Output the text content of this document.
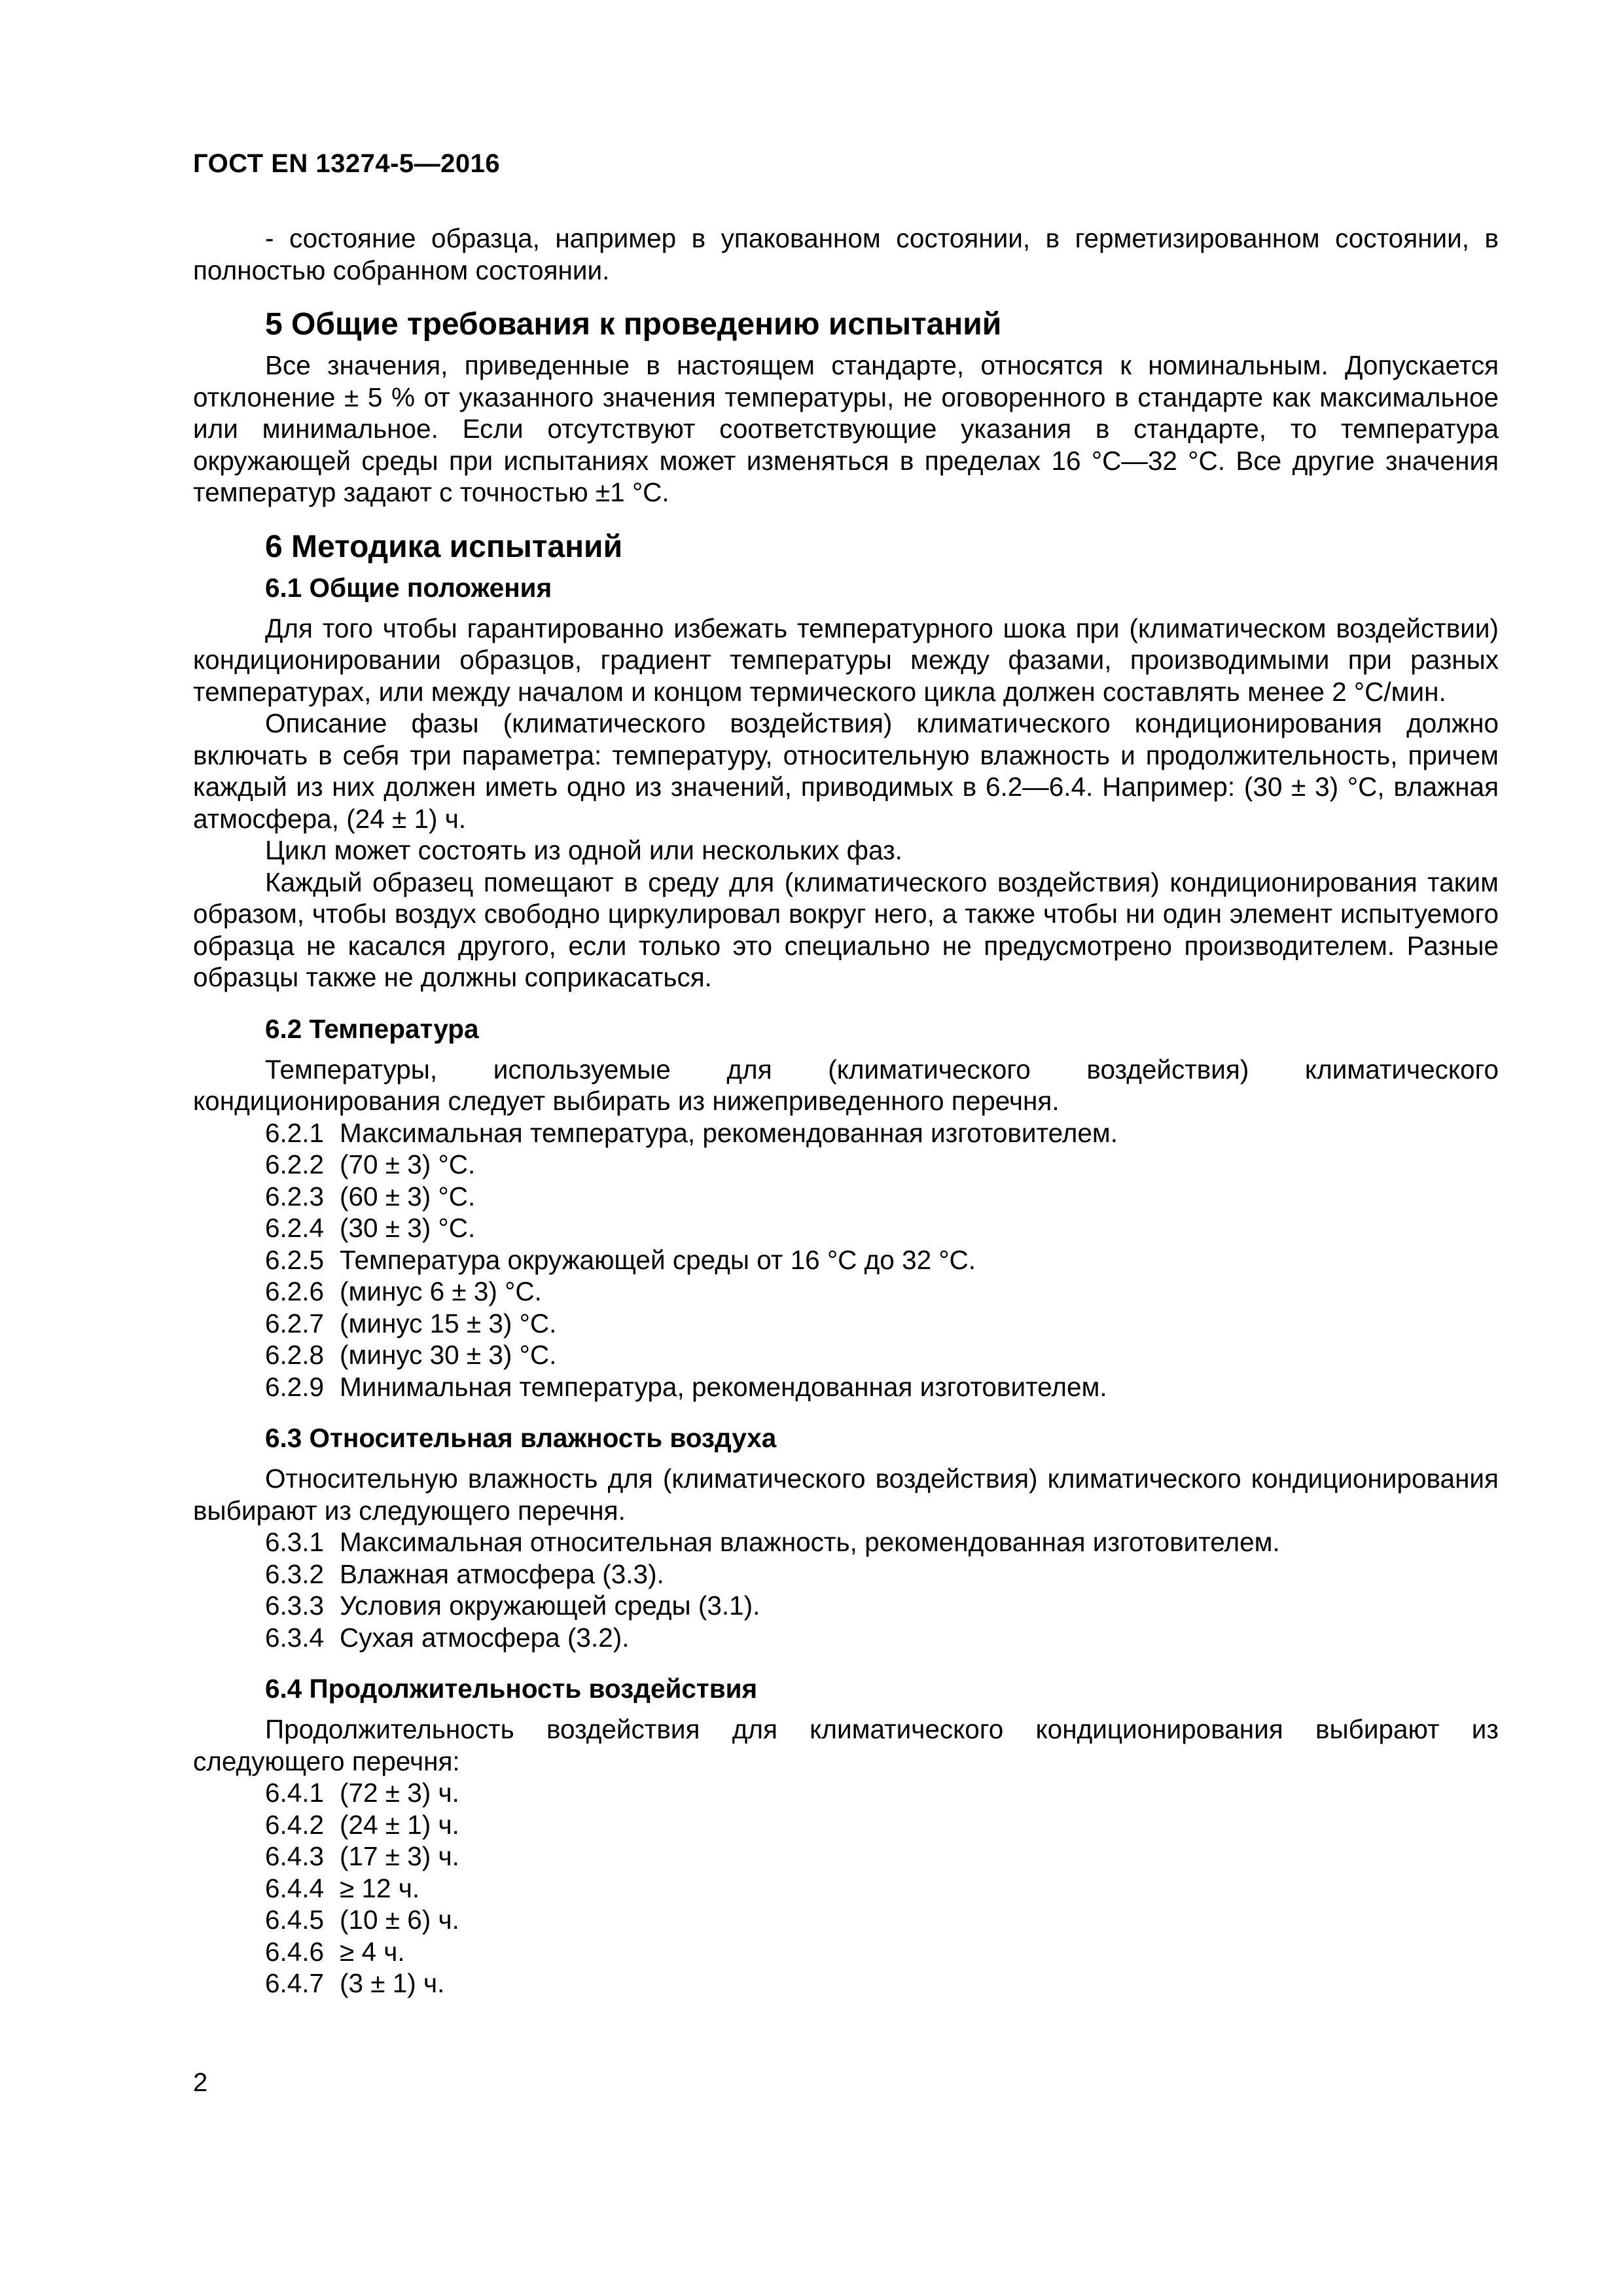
ГОСТ EN 13274-5—2016

- состояние образца, например в упакованном состоянии, в герметизированном состоянии, в полностью собранном состоянии.

5 Общие требования к проведению испытаний

Все значения, приведенные в настоящем стандарте, относятся к номинальным. Допускается отклонение ± 5 % от указанного значения температуры, не оговоренного в стандарте как максимальное или минимальное. Если отсутствуют соответствующие указания в стандарте, то температура окружающей среды при испытаниях может изменяться в пределах 16 °С—32 °С. Все другие значения температур задают с точностью ±1 °С.

6 Методика испытаний
6.1 Общие положения

Для того чтобы гарантированно избежать температурного шока при (климатическом воздействии) кондиционировании образцов, градиент температуры между фазами, производимыми при разных температурах, или между началом и концом термического цикла должен составлять менее 2 °С/мин.

Описание фазы (климатического воздействия) климатического кондиционирования должно включать в себя три параметра: температуру, относительную влажность и продолжительность, причем каждый из них должен иметь одно из значений, приводимых в 6.2—6.4. Например: (30 ± 3) °С, влажная атмосфера, (24 ± 1) ч.

Цикл может состоять из одной или нескольких фаз.

Каждый образец помещают в среду для (климатического воздействия) кондиционирования таким образом, чтобы воздух свободно циркулировал вокруг него, а также чтобы ни один элемент испытуемого образца не касался другого, если только это специально не предусмотрено производителем. Разные образцы также не должны соприкасаться.

6.2 Температура

Температуры, используемые для (климатического воздействия) климатического кондиционирования следует выбирать из нижеприведенного перечня.

6.2.1 Максимальная температура, рекомендованная изготовителем.
6.2.2 (70 ± 3) °С.
6.2.3 (60 ± 3) °С.
6.2.4 (30 ± 3) °С.
6.2.5 Температура окружающей среды от 16 °С до 32 °С.
6.2.6 (минус 6 ± 3) °С.
6.2.7 (минус 15 ± 3) °С.
6.2.8 (минус 30 ± 3) °С.
6.2.9 Минимальная температура, рекомендованная изготовителем.
6.3 Относительная влажность воздуха

Относительную влажность для (климатического воздействия) климатического кондиционирования выбирают из следующего перечня.

6.3.1 Максимальная относительная влажность, рекомендованная изготовителем.
6.3.2 Влажная атмосфера (3.3).
6.3.3 Условия окружающей среды (3.1).
6.3.4 Сухая атмосфера (3.2).
6.4 Продолжительность воздействия

Продолжительность воздействия для климатического кондиционирования выбирают из следующего перечня:

6.4.1 (72 ± 3) ч.
6.4.2 (24 ± 1) ч.
6.4.3 (17 ± 3) ч.
6.4.4 ≥ 12 ч.
6.4.5 (10 ± 6) ч.
6.4.6 ≥ 4 ч.
6.4.7 (3 ± 1) ч.
2
